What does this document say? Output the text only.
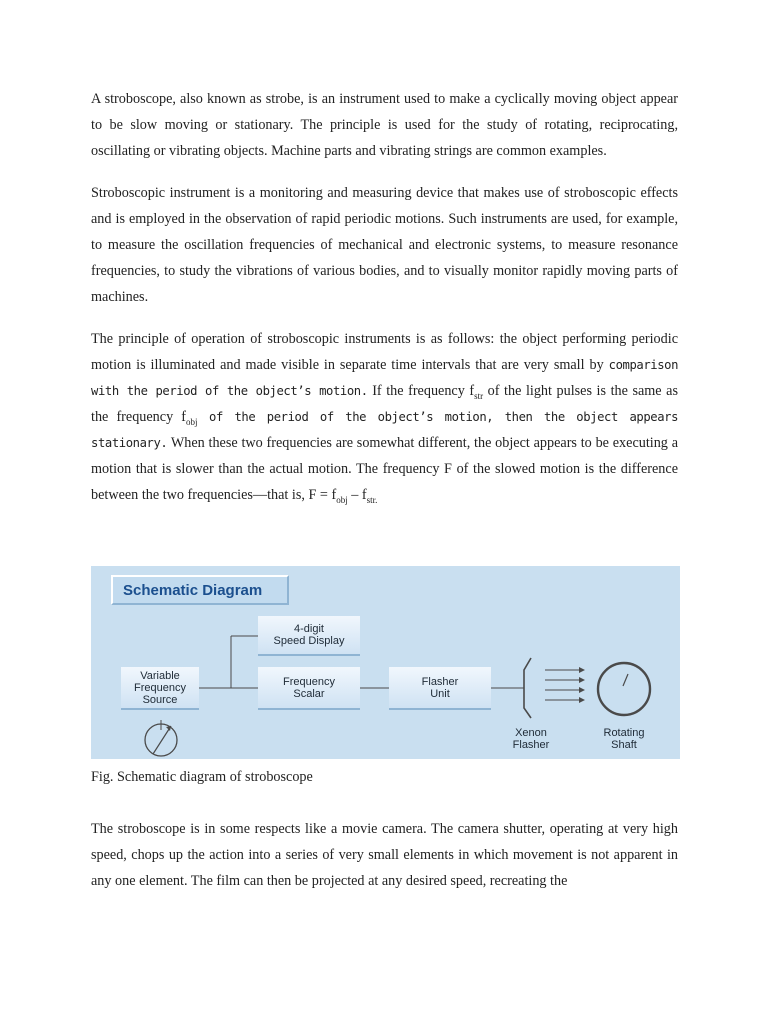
A stroboscope, also known as strobe, is an instrument used to make a cyclically moving object appear to be slow moving or stationary. The principle is used for the study of rotating, reciprocating, oscillating or vibrating objects. Machine parts and vibrating strings are common examples.

Stroboscopic instrument is a monitoring and measuring device that makes use of stroboscopic effects and is employed in the observation of rapid periodic motions. Such instruments are used, for example, to measure the oscillation frequencies of mechanical and electronic systems, to measure resonance frequencies, to study the vibrations of various bodies, and to visually monitor rapidly moving parts of machines.

The principle of operation of stroboscopic instruments is as follows: the object performing periodic motion is illuminated and made visible in separate time intervals that are very small by comparison with the period of the object’s motion. If the frequency $f_{str}$ of the light pulses is the same as the frequency $f_{obj}$ of the period of the object’s motion, then the object appears stationary. When these two frequencies are somewhat different, the object appears to be executing a motion that is slower than the actual motion. The frequency F of the slowed motion is the difference between the two frequencies—that is, $F = f_{obj} - f_{str.}$

Schematic Diagram
4-digit
Speed Display
Variable
Frequency
Source
Frequency
Scalar
Flasher
Unit
Xenon
Flasher
Rotating
Shaft
Fig. Schematic diagram of stroboscope

The stroboscope is in some respects like a movie camera. The camera shutter, operating at very high speed, chops up the action into a series of very small elements in which movement is not apparent in any one element. The film can then be projected at any desired speed, recreating the
